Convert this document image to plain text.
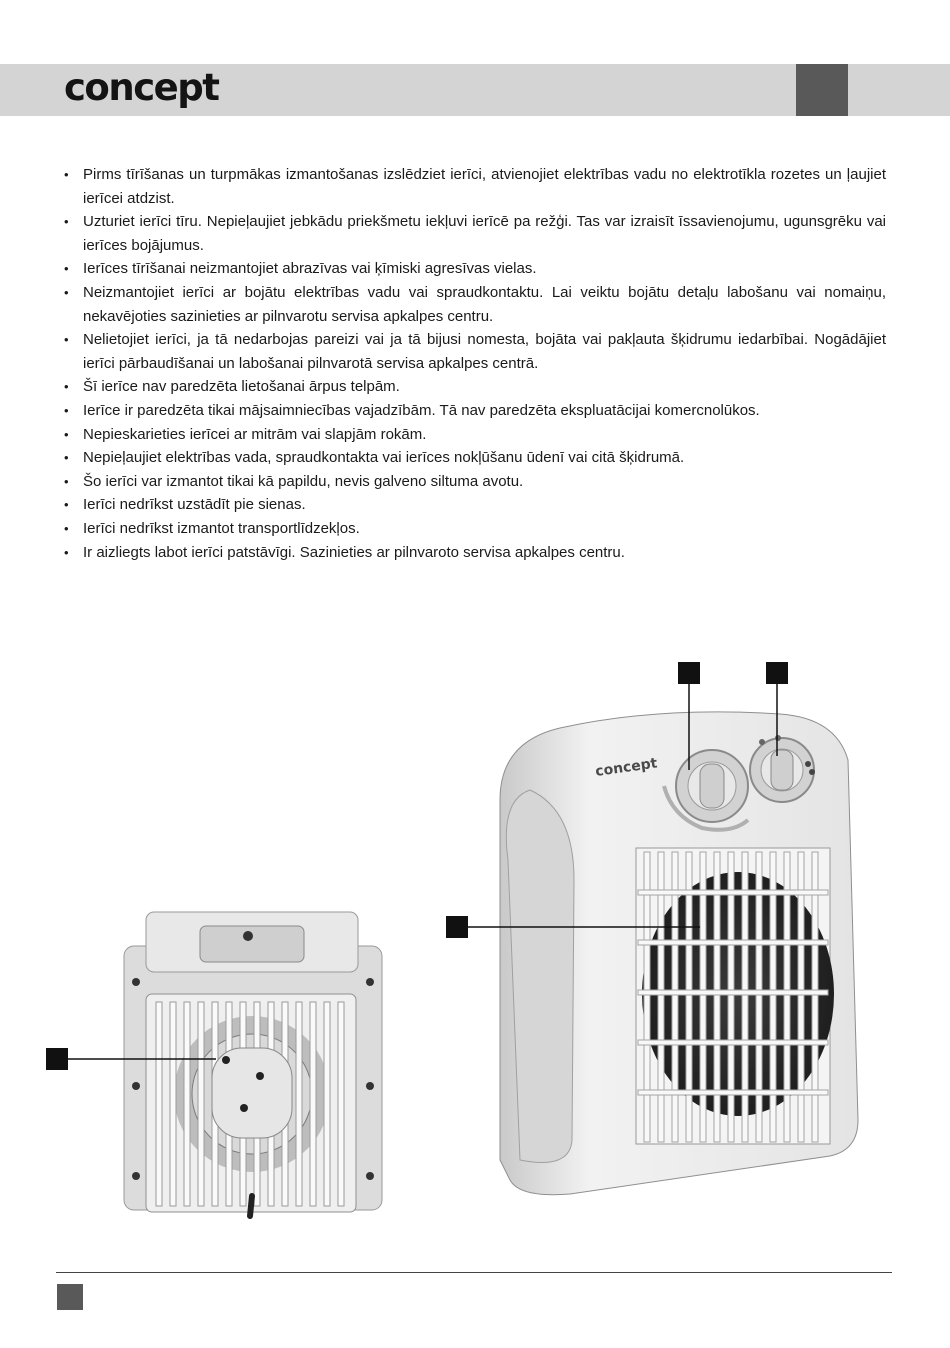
concept
• Pirms tīrīšanas un turpmākas izmantošanas izslēdziet ierīci, atvienojiet elektrības vadu no elektrotīkla rozetes un ļaujiet ierīcei atdzist.
• Uzturiet ierīci tīru. Nepieļaujiet jebkādu priekšmetu iekļuvi ierīcē pa režģi. Tas var izraisīt īssavienojumu, ugunsgrēku vai ierīces bojājumus.
• Ierīces tīrīšanai neizmantojiet abrazīvas vai ķīmiski agresīvas vielas.
• Neizmantojiet ierīci ar bojātu elektrības vadu vai spraudkontaktu. Lai veiktu bojātu detaļu labošanu vai nomaiņu, nekavējoties sazinieties ar pilnvarotu servisa apkalpes centru.
• Nelietojiet ierīci, ja tā nedarbojas pareizi vai ja tā bijusi nomesta, bojāta vai pakļauta šķidrumu iedarbībai. Nogādājiet ierīci pārbaudīšanai un labošanai pilnvarotā servisa apkalpes centrā.
• Šī ierīce nav paredzēta lietošanai ārpus telpām.
• Ierīce ir paredzēta tikai mājsaimniecības vajadzībām. Tā nav paredzēta ekspluatācijai komercnolūkos.
• Nepieskarieties ierīcei ar mitrām vai slapjām rokām.
• Nepieļaujiet elektrības vada, spraudkontakta vai ierīces nokļūšanu ūdenī vai citā šķidrumā.
• Šo ierīci var izmantot tikai kā papildu, nevis galveno siltuma avotu.
• Ierīci nedrīkst uzstādīt pie sienas.
• Ierīci nedrīkst izmantot transportlīdzekļos.
• Ir aizliegts labot ierīci patstāvīgi. Sazinieties ar pilnvaroto servisa apkalpes centru.
concept
